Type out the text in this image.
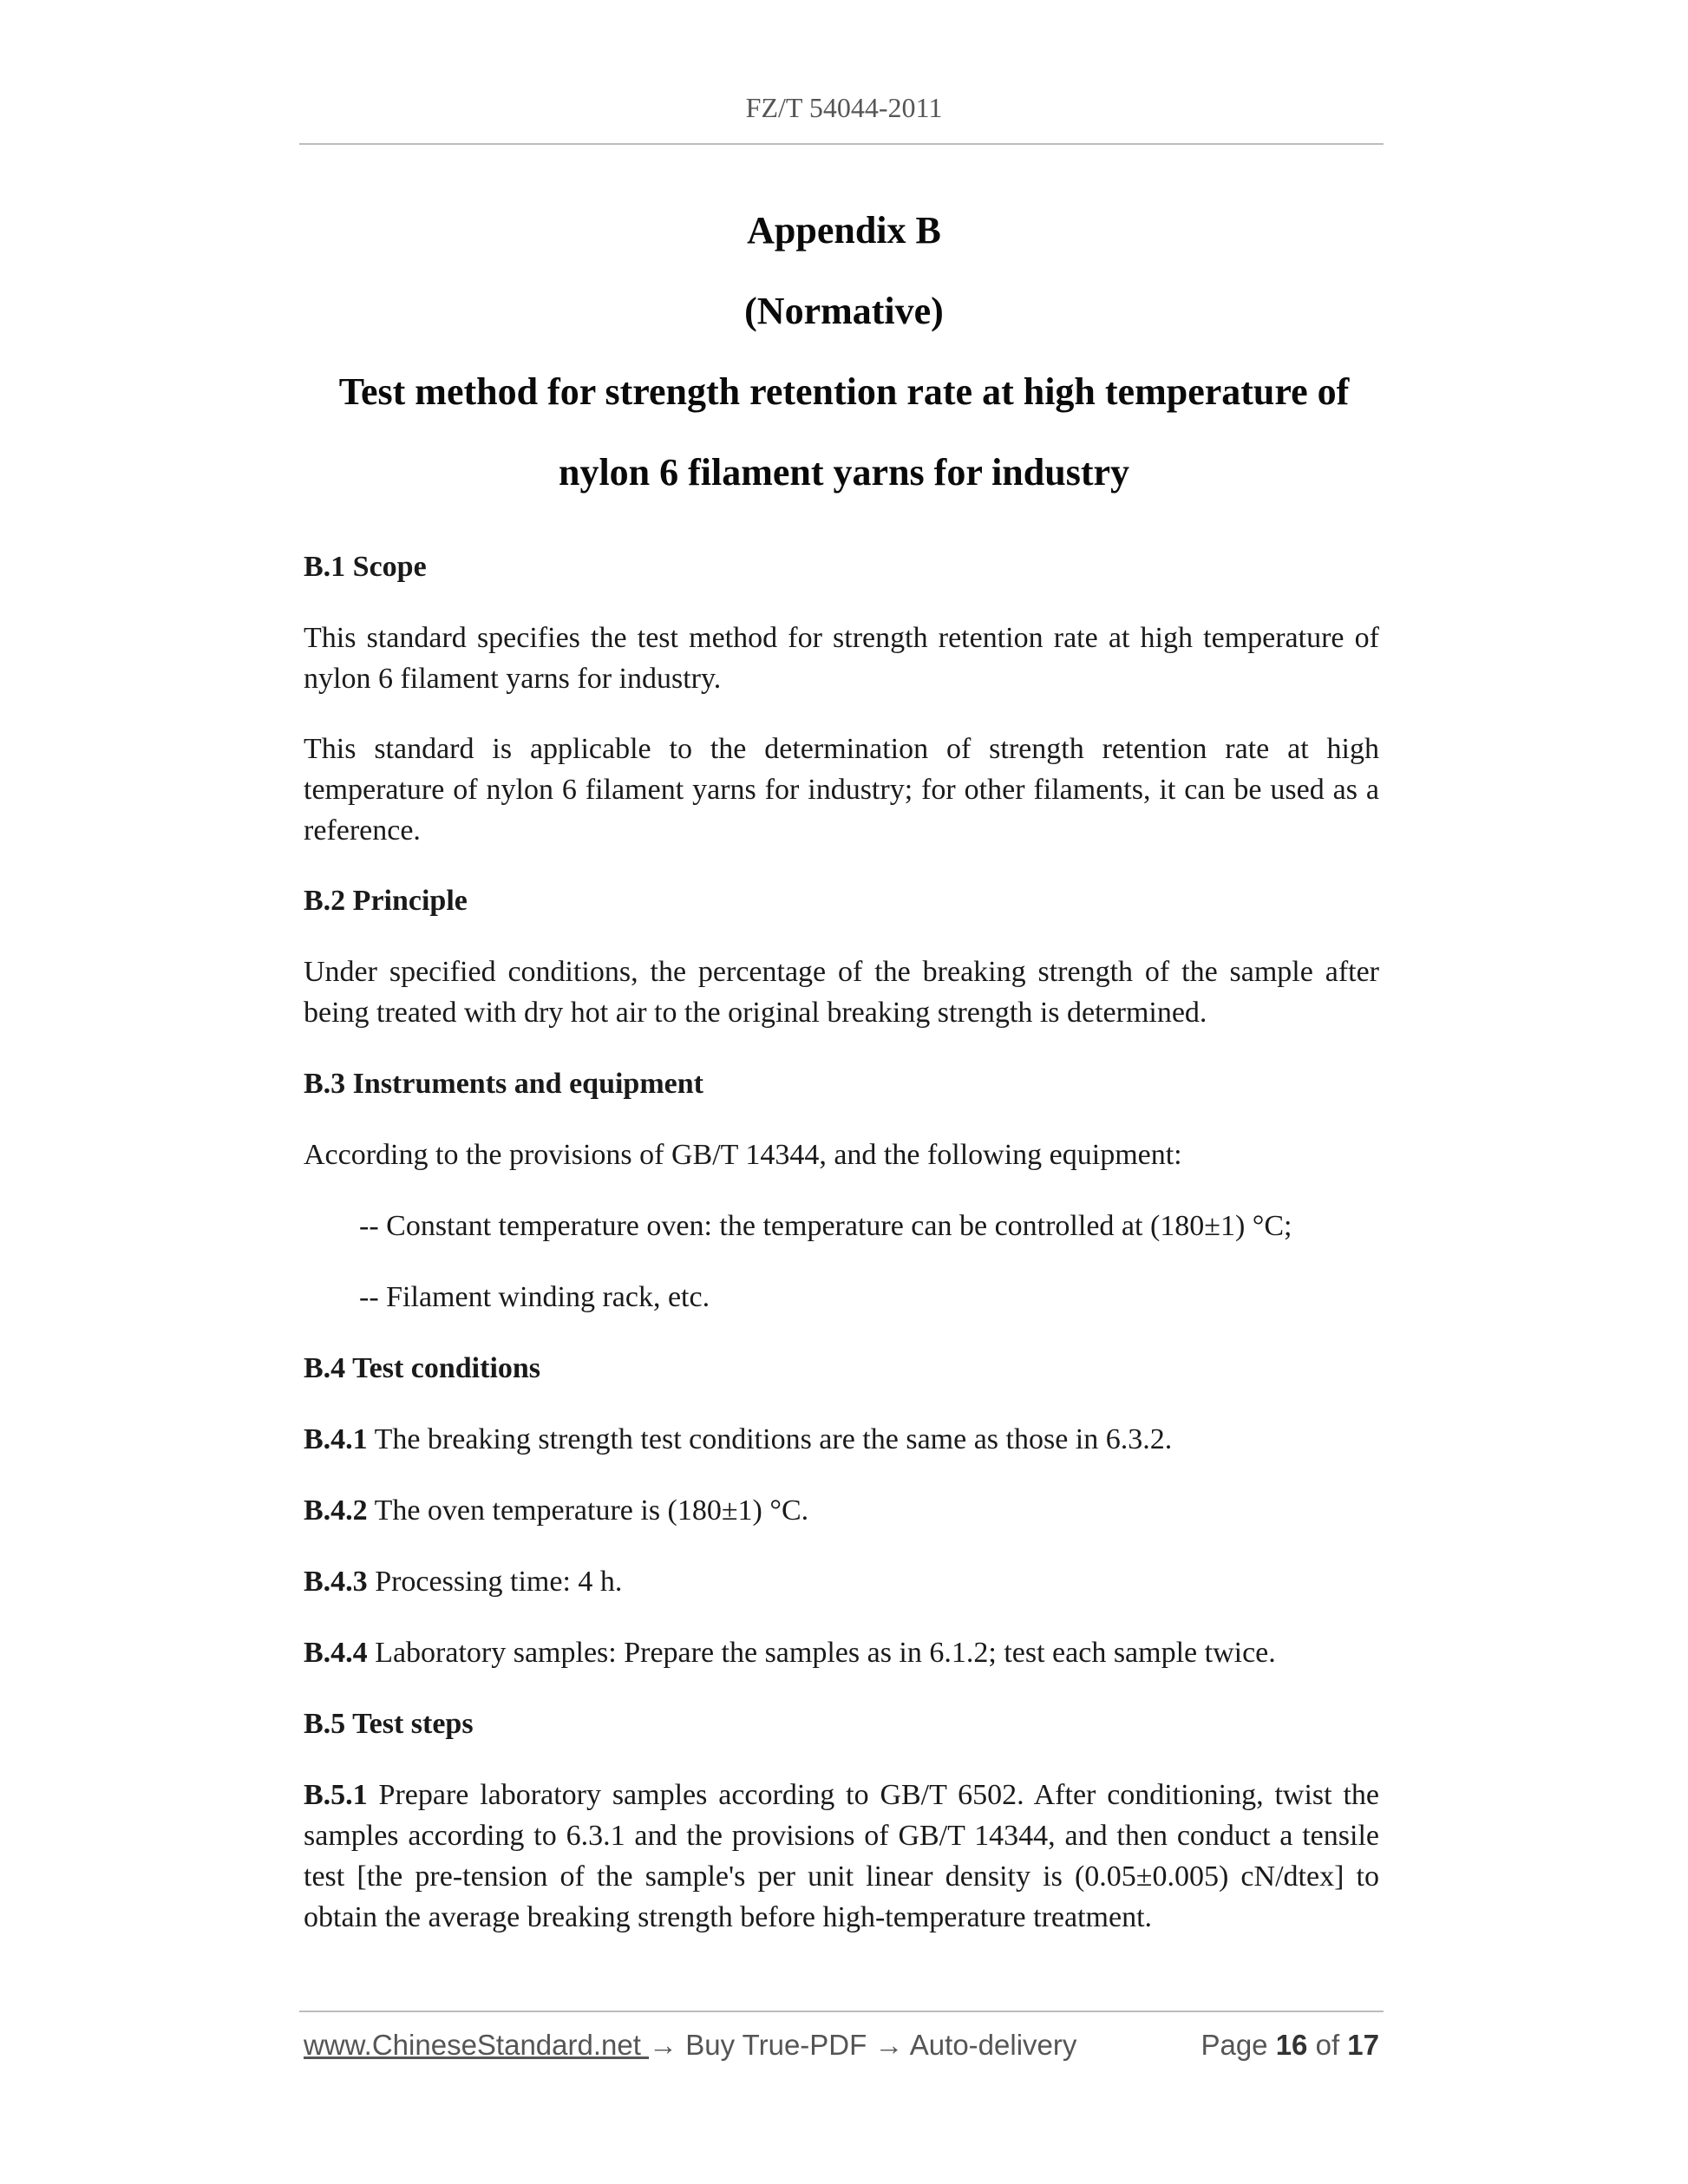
FZ/T 54044-2011
Appendix B
(Normative)
Test method for strength retention rate at high temperature of
nylon 6 filament yarns for industry
B.1 Scope
This standard specifies the test method for strength retention rate at high temperature of nylon 6 filament yarns for industry.
This standard is applicable to the determination of strength retention rate at high temperature of nylon 6 filament yarns for industry; for other filaments, it can be used as a reference.
B.2 Principle
Under specified conditions, the percentage of the breaking strength of the sample after being treated with dry hot air to the original breaking strength is determined.
B.3 Instruments and equipment
According to the provisions of GB/T 14344, and the following equipment:
-- Constant temperature oven: the temperature can be controlled at (180±1) °C;
-- Filament winding rack, etc.
B.4 Test conditions
B.4.1 The breaking strength test conditions are the same as those in 6.3.2.
B.4.2 The oven temperature is (180±1) °C.
B.4.3 Processing time: 4 h.
B.4.4 Laboratory samples: Prepare the samples as in 6.1.2; test each sample twice.
B.5 Test steps
B.5.1 Prepare laboratory samples according to GB/T 6502. After conditioning, twist the samples according to 6.3.1 and the provisions of GB/T 14344, and then conduct a tensile test [the pre-tension of the sample's per unit linear density is (0.05±0.005) cN/dtex] to obtain the average breaking strength before high-temperature treatment.
www.ChineseStandard.net → Buy True-PDF → Auto-delivery	Page 16 of 17
